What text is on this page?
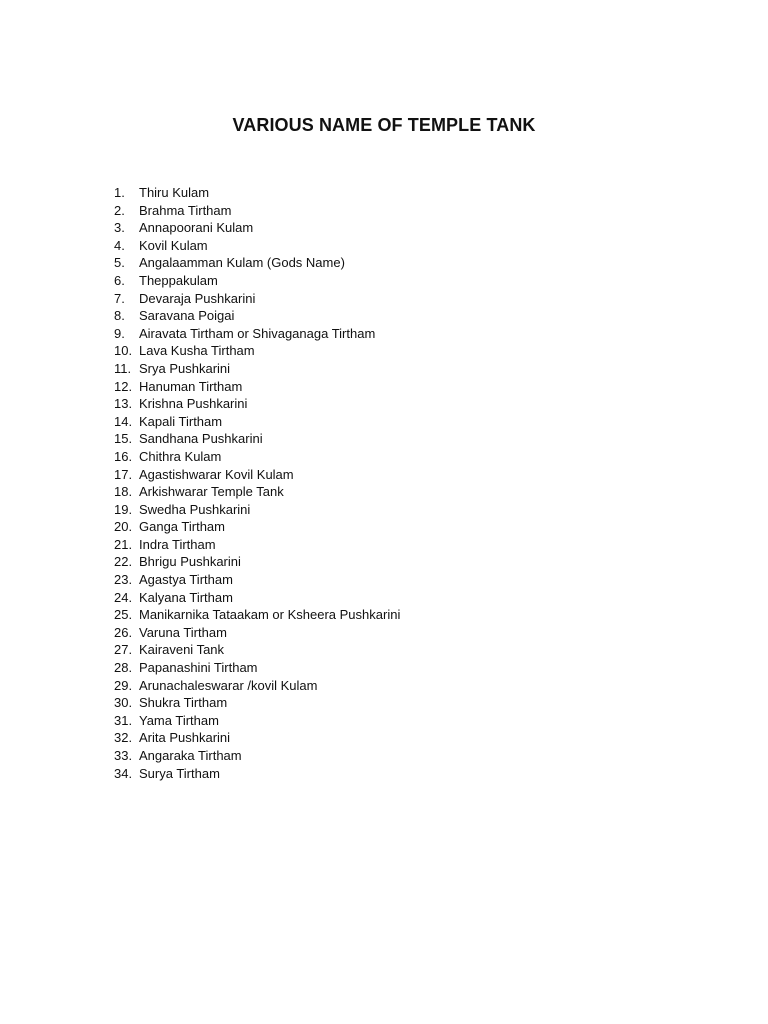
VARIOUS NAME OF TEMPLE TANK
1.	Thiru Kulam
2.	Brahma Tirtham
3.	Annapoorani Kulam
4.	Kovil Kulam
5.	Angalaamman Kulam (Gods Name)
6.	Theppakulam
7.	Devaraja Pushkarini
8.	Saravana Poigai
9.	Airavata Tirtham or Shivaganaga Tirtham
10. Lava Kusha Tirtham
11. Srya Pushkarini
12. Hanuman Tirtham
13. Krishna Pushkarini
14. Kapali Tirtham
15. Sandhana Pushkarini
16. Chithra Kulam
17. Agastishwarar Kovil Kulam
18. Arkishwarar Temple Tank
19. Swedha Pushkarini
20. Ganga Tirtham
21. Indra Tirtham
22. Bhrigu Pushkarini
23. Agastya Tirtham
24. Kalyana Tirtham
25. Manikarnika Tataakam or Ksheera Pushkarini
26. Varuna Tirtham
27. Kairaveni Tank
28. Papanashini Tirtham
29. Arunachaleswarar /kovil Kulam
30. Shukra Tirtham
31. Yama Tirtham
32. Arita Pushkarini
33. Angaraka Tirtham
34. Surya Tirtham
